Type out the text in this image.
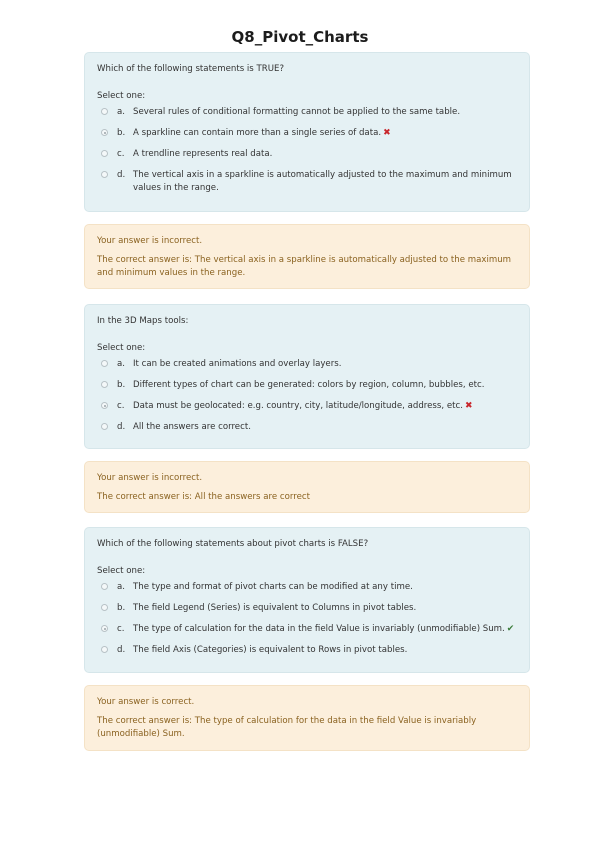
Q8_Pivot_Charts

Which of the following statements is TRUE?

Select one:

a. Several rules of conditional formatting cannot be applied to the same table.
b. A sparkline can contain more than a single series of data. ✖
c. A trendline represents real data.
d. The vertical axis in a sparkline is automatically adjusted to the maximum and minimum values in the range.

Your answer is incorrect.

The correct answer is: The vertical axis in a sparkline is automatically adjusted to the maximum and minimum values in the range.

In the 3D Maps tools:

Select one:

a. It can be created animations and overlay layers.
b. Different types of chart can be generated: colors by region, column, bubbles, etc.
c. Data must be geolocated: e.g. country, city, latitude/longitude, address, etc. ✖
d. All the answers are correct.

Your answer is incorrect.

The correct answer is: All the answers are correct

Which of the following statements about pivot charts is FALSE?

Select one:

a. The type and format of pivot charts can be modified at any time.
b. The field Legend (Series) is equivalent to Columns in pivot tables.
c. The type of calculation for the data in the field Value is invariably (unmodifiable) Sum. ✔
d. The field Axis (Categories) is equivalent to Rows in pivot tables.

Your answer is correct.

The correct answer is: The type of calculation for the data in the field Value is invariably (unmodifiable) Sum.
